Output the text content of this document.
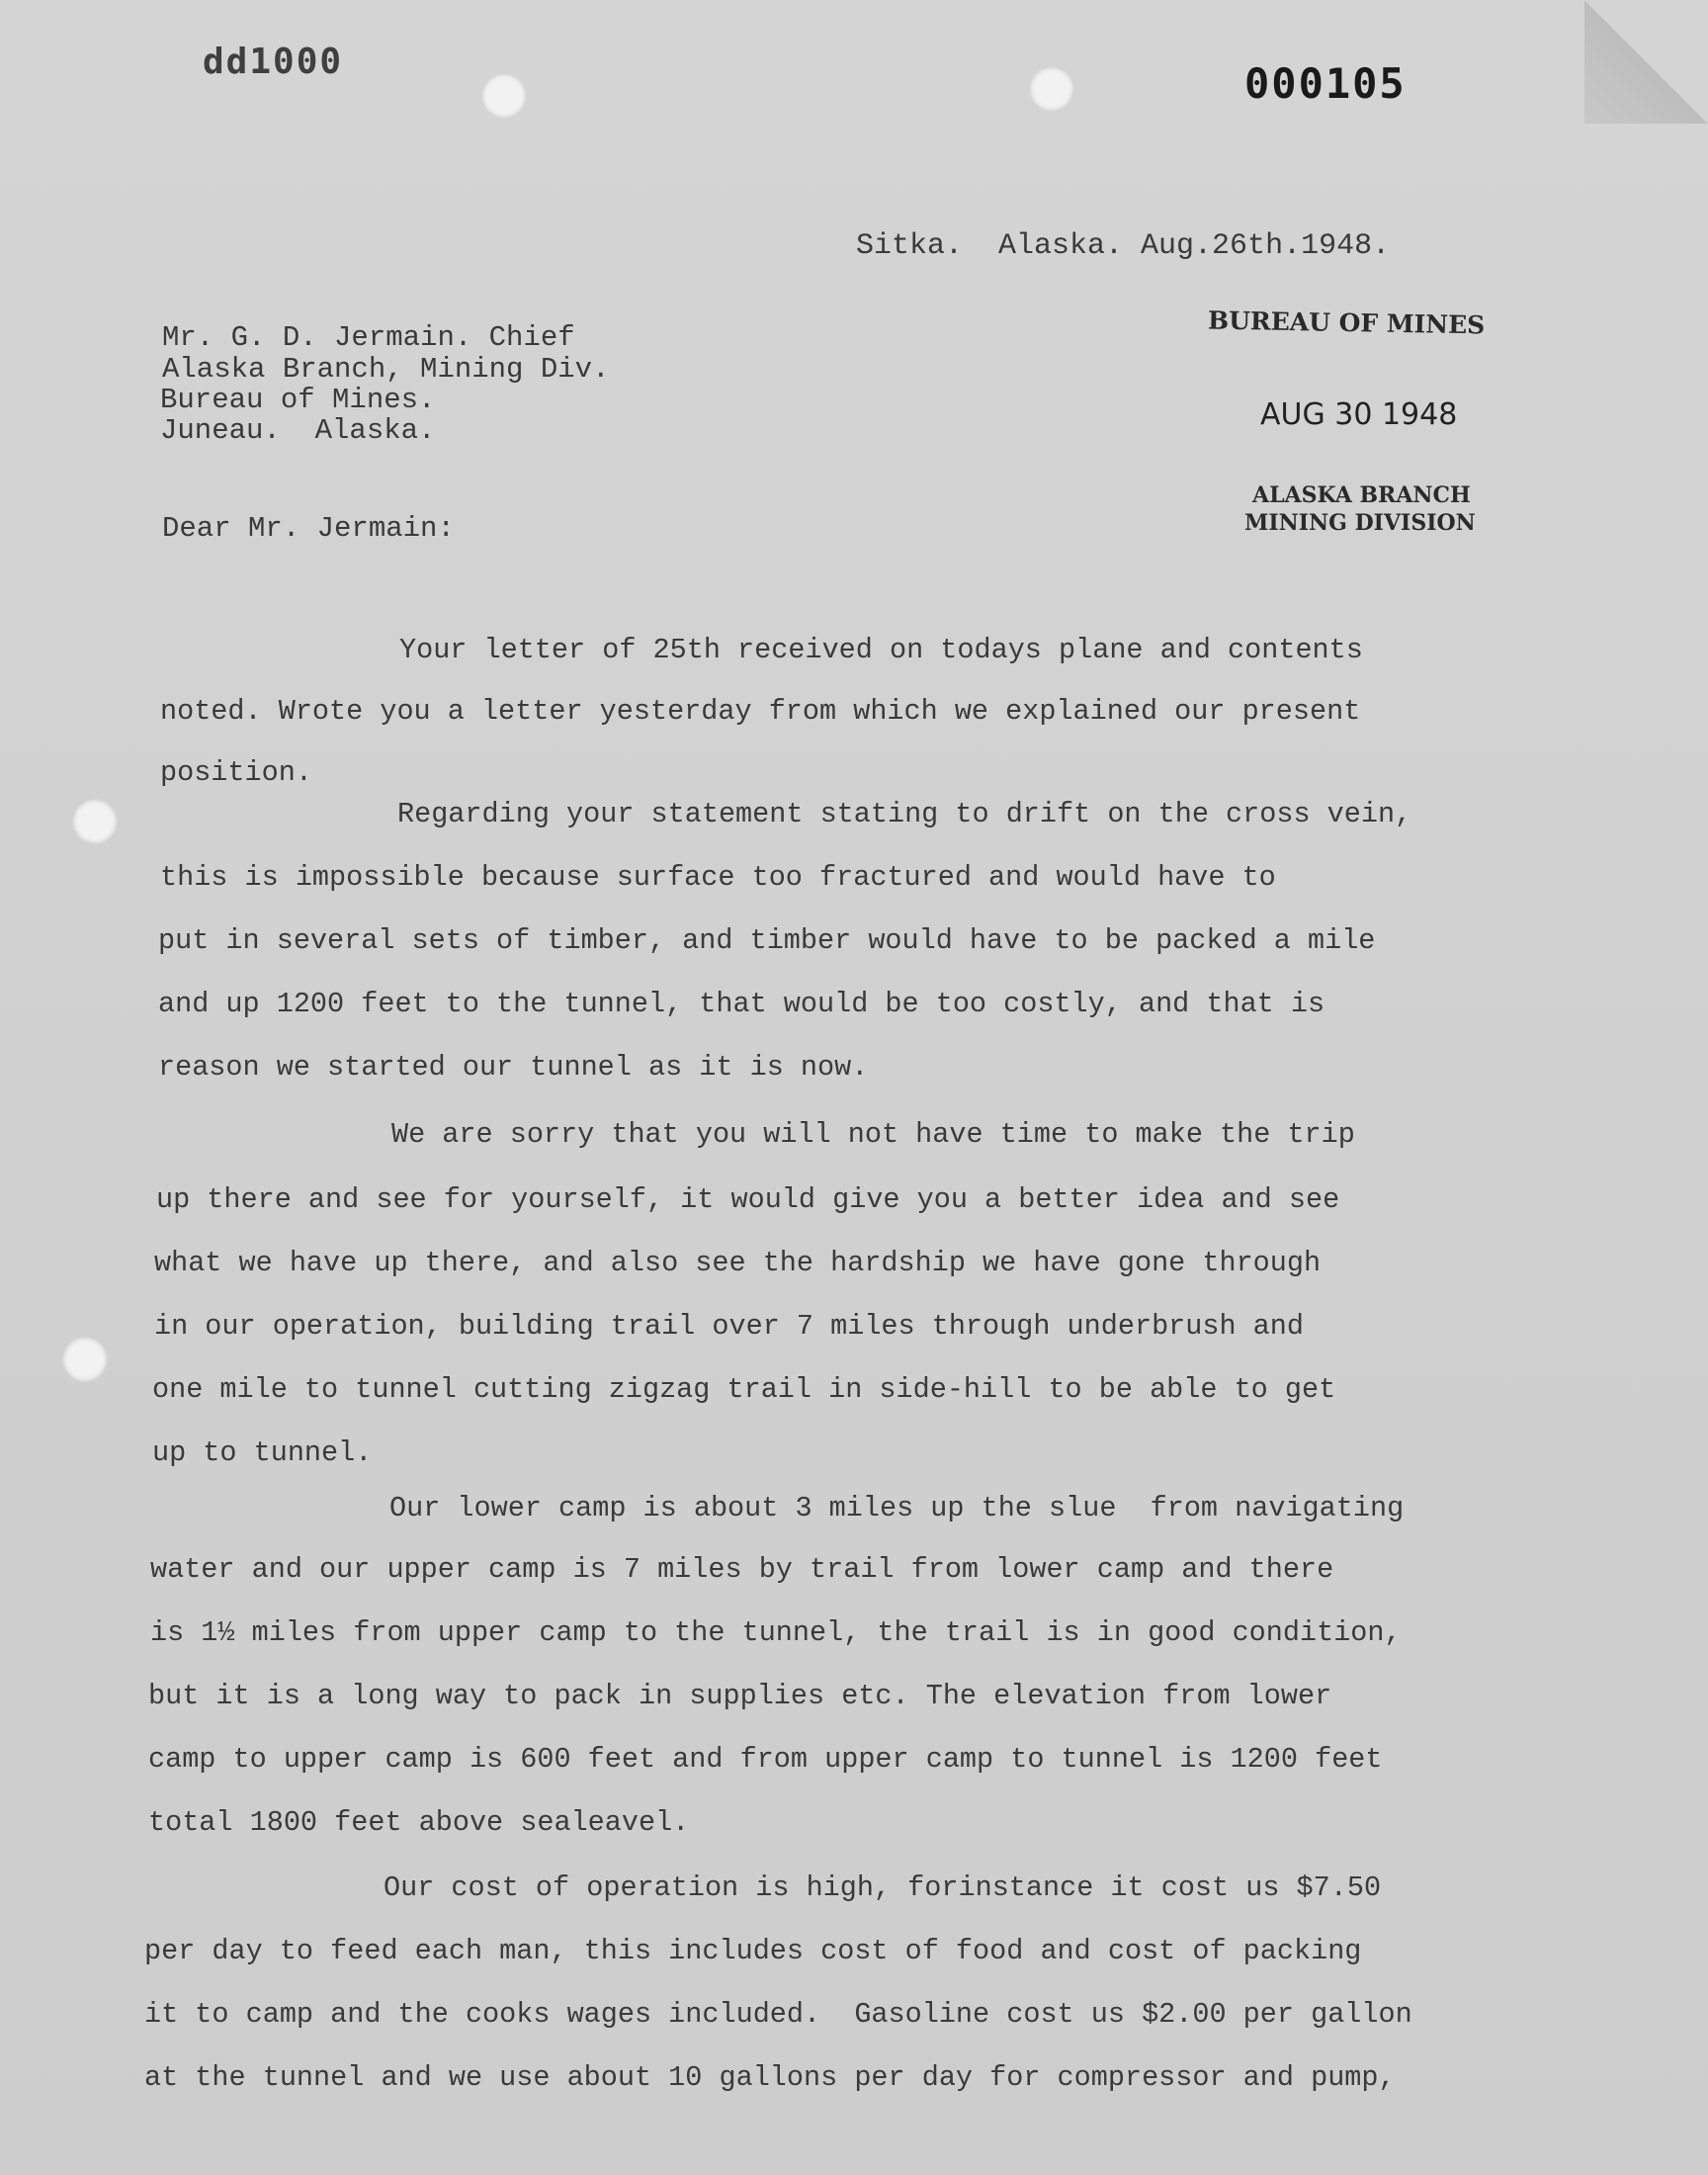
dd1000	000105

Sitka.  Alaska. Aug.26th.1948.

Mr. G. D. Jermain. Chief

Alaska Branch, Mining Div.

Bureau of Mines.

Juneau.  Alaska.

BUREAU OF MINES

AUG 30 1948

ALASKA BRANCH

MINING DIVISION

Dear Mr. Jermain:

Your letter of 25th received on todays plane and contents

noted. Wrote you a letter yesterday from which we explained our present

position.

Regarding your statement stating to drift on the cross vein,

this is impossible because surface too fractured and would have to

put in several sets of timber, and timber would have to be packed a mile

and up 1200 feet to the tunnel, that would be too costly, and that is

reason we started our tunnel as it is now.

We are sorry that you will not have time to make the trip

up there and see for yourself, it would give you a better idea and see

what we have up there, and also see the hardship we have gone through

in our operation, building trail over 7 miles through underbrush and

one mile to tunnel cutting zigzag trail in side-hill to be able to get

up to tunnel.

Our lower camp is about 3 miles up the slue  from navigating

water and our upper camp is 7 miles by trail from lower camp and there

is 1½ miles from upper camp to the tunnel, the trail is in good condition,

but it is a long way to pack in supplies etc. The elevation from lower

camp to upper camp is 600 feet and from upper camp to tunnel is 1200 feet

total 1800 feet above sealeavel.

Our cost of operation is high, forinstance it cost us $7.50

per day to feed each man, this includes cost of food and cost of packing

it to camp and the cooks wages included.  Gasoline cost us $2.00 per gallon

at the tunnel and we use about 10 gallons per day for compressor and pump,
